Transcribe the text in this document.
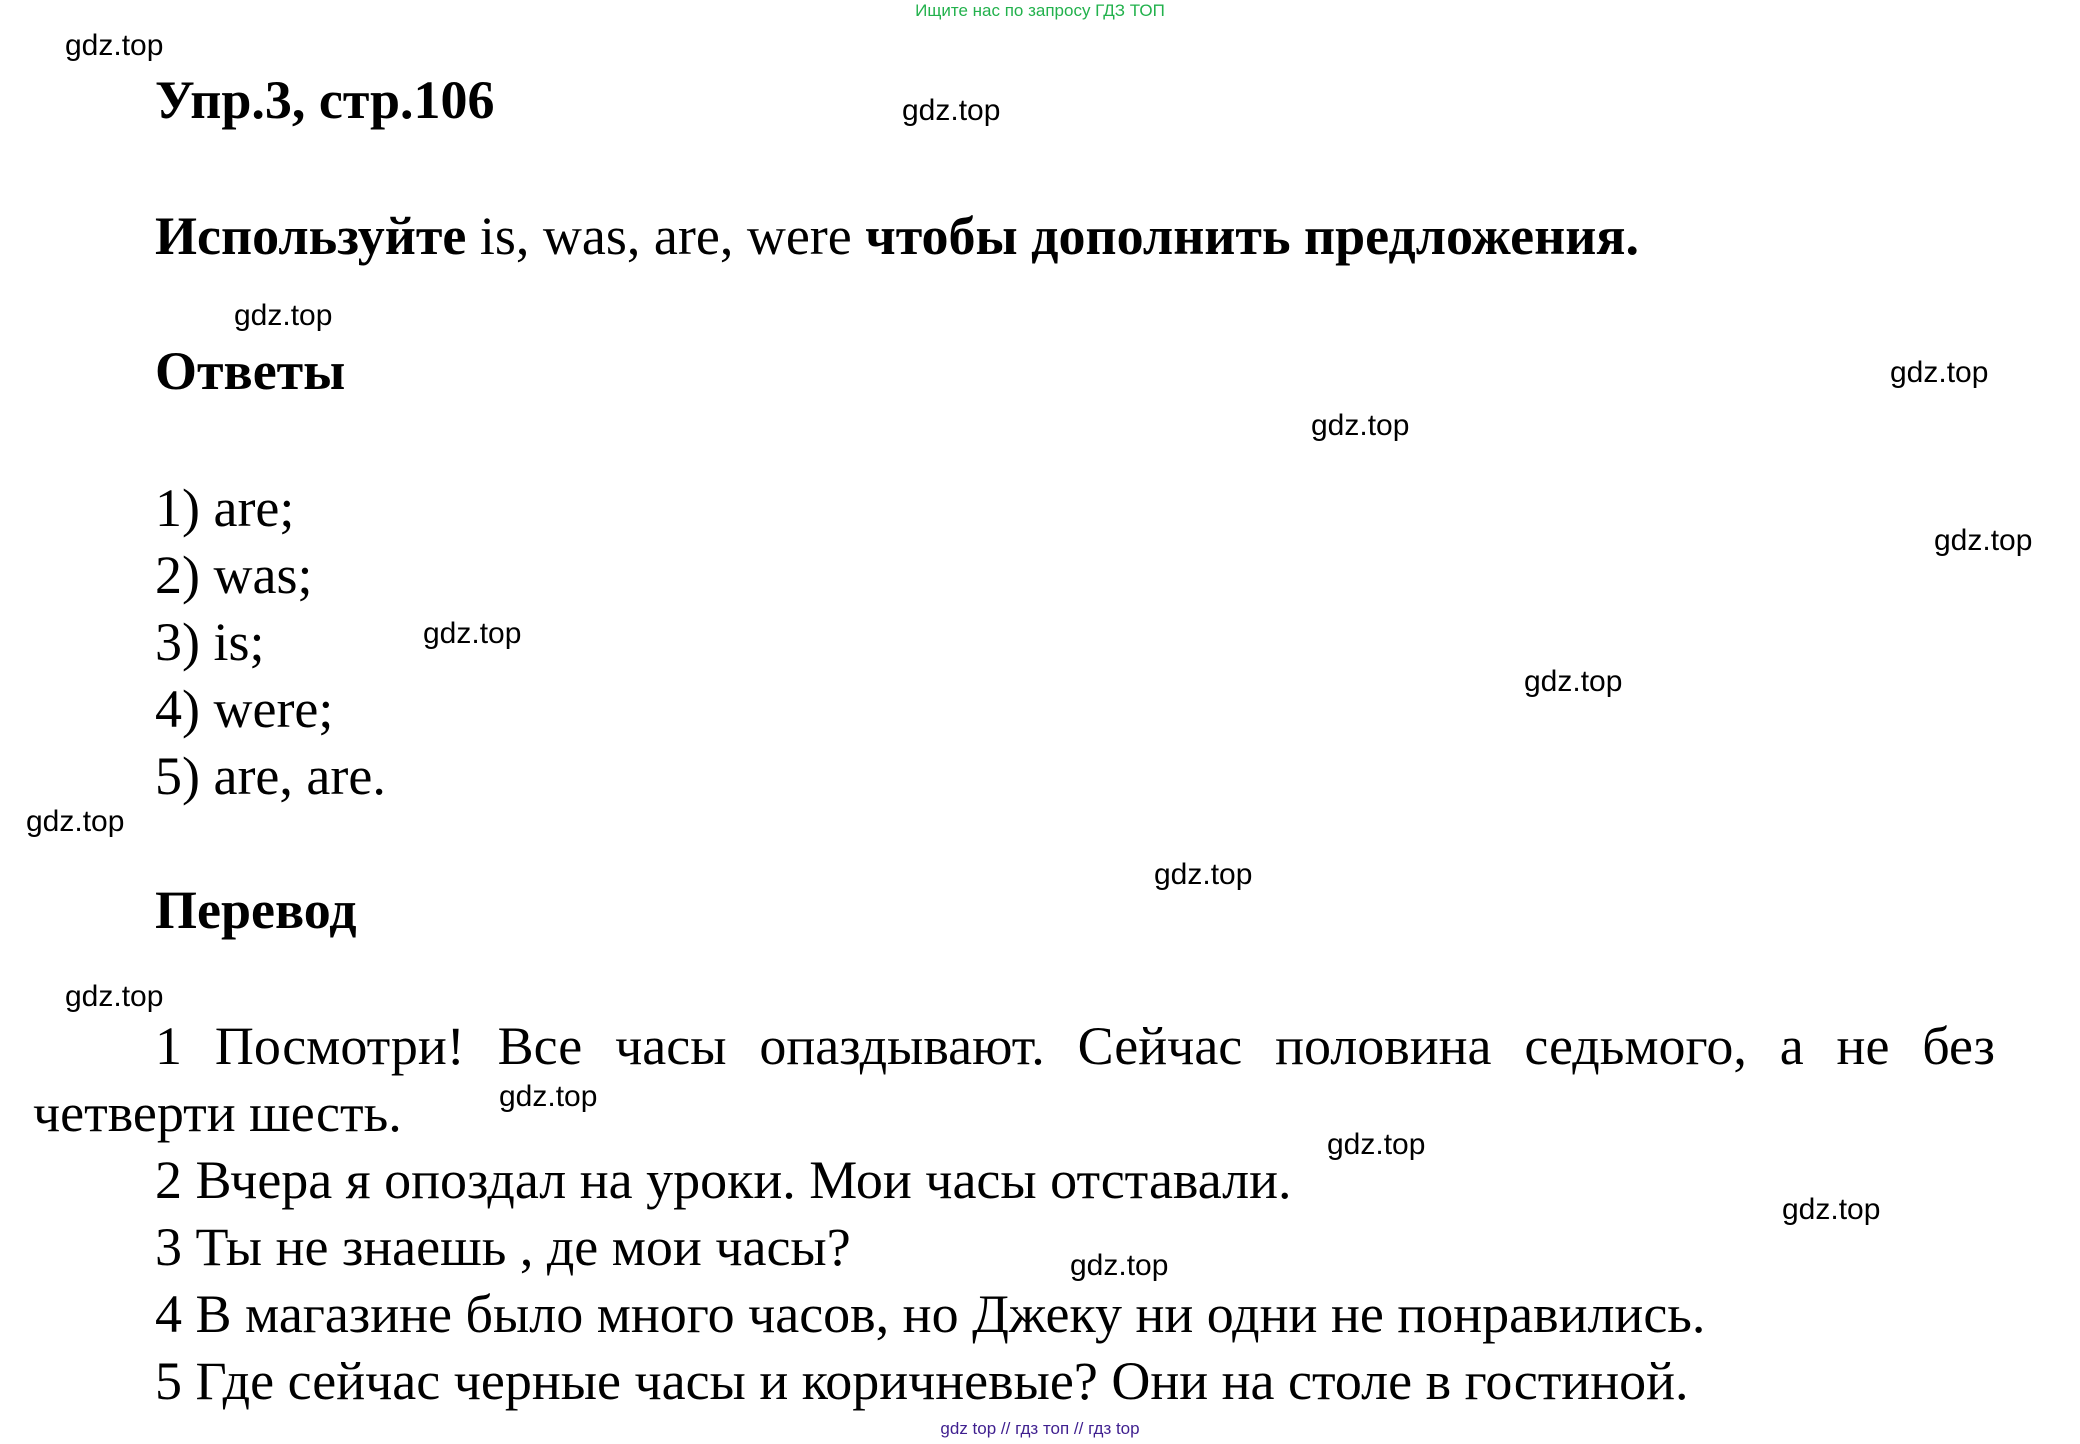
Ищите нас по запросу ГДЗ ТОП
Упр.3, стр.106
Используйте is, was, are, were чтобы дополнить предложения.
Ответы
1) are;
2) was;
3) is;
4) were;
5) are, are.
Перевод

1 Посмотри! Все часы опаздывают. Сейчас половина седьмого, а не без четверти шесть.

2 Вчера я опоздал на уроки. Мои часы отставали.

3 Ты не знаешь , де мои часы?

4 В магазине было много часов, но Джеку ни одни не понравились.

5 Где сейчас черные часы и коричневые? Они на столе в гостиной.

gdz.top
gdz.top
gdz.top
gdz.top
gdz.top
gdz.top
gdz.top
gdz.top
gdz.top
gdz.top
gdz.top
gdz.top
gdz.top
gdz.top
gdz.top
gdz top // гдз топ // гдз top
